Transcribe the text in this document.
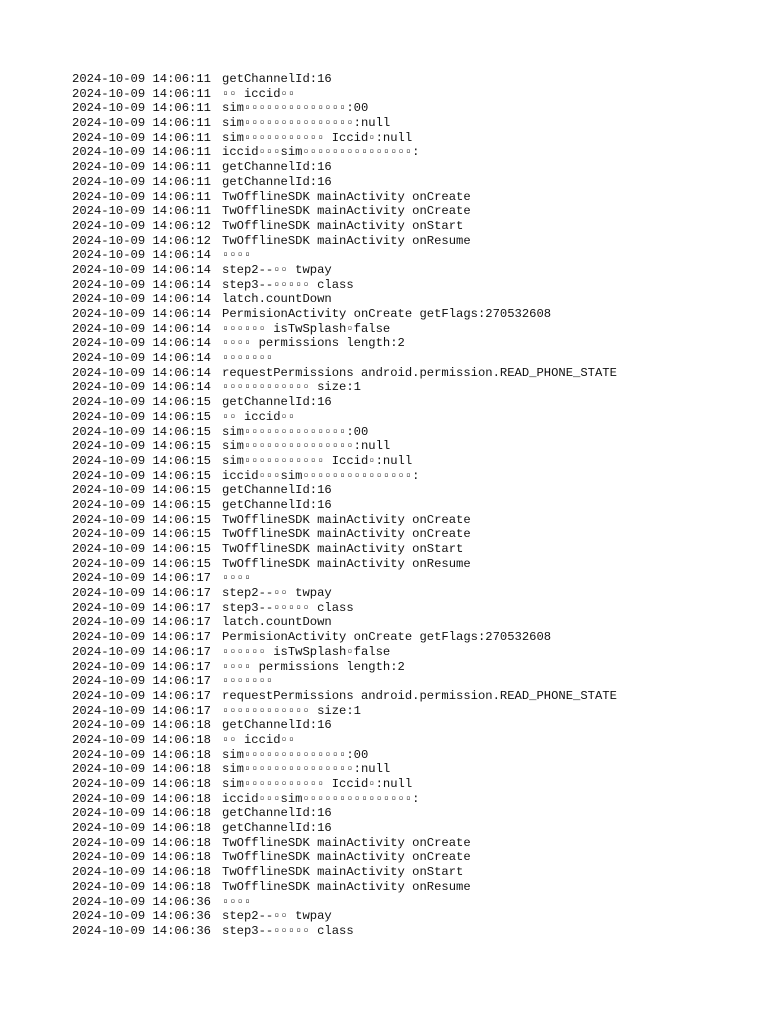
2024-10-09 14:06:11 getChannelId:16
2024-10-09 14:06:11 ▫▫ iccid▫▫
2024-10-09 14:06:11 sim▫▫▫▫▫▫▫▫▫▫▫▫▫▫:00
2024-10-09 14:06:11 sim▫▫▫▫▫▫▫▫▫▫▫▫▫▫▫:null
2024-10-09 14:06:11 sim▫▫▫▫▫▫▫▫▫▫▫ Iccid▫:null
2024-10-09 14:06:11 iccid▫▫▫sim▫▫▫▫▫▫▫▫▫▫▫▫▫▫▫:
2024-10-09 14:06:11 getChannelId:16
2024-10-09 14:06:11 getChannelId:16
2024-10-09 14:06:11 TwOfflineSDK mainActivity onCreate
2024-10-09 14:06:11 TwOfflineSDK mainActivity onCreate
2024-10-09 14:06:12 TwOfflineSDK mainActivity onStart
2024-10-09 14:06:12 TwOfflineSDK mainActivity onResume
2024-10-09 14:06:14 ▫▫▫▫
2024-10-09 14:06:14 step2--▫▫ twpay
2024-10-09 14:06:14 step3--▫▫▫▫▫ class
2024-10-09 14:06:14 latch.countDown
2024-10-09 14:06:14 PermisionActivity onCreate getFlags:270532608
2024-10-09 14:06:14 ▫▫▫▫▫▫ isTwSplash▫false
2024-10-09 14:06:14 ▫▫▫▫ permissions length:2
2024-10-09 14:06:14 ▫▫▫▫▫▫▫
2024-10-09 14:06:14 requestPermissions android.permission.READ_PHONE_STATE
2024-10-09 14:06:14 ▫▫▫▫▫▫▫▫▫▫▫▫ size:1
2024-10-09 14:06:15 getChannelId:16
2024-10-09 14:06:15 ▫▫ iccid▫▫
2024-10-09 14:06:15 sim▫▫▫▫▫▫▫▫▫▫▫▫▫▫:00
2024-10-09 14:06:15 sim▫▫▫▫▫▫▫▫▫▫▫▫▫▫▫:null
2024-10-09 14:06:15 sim▫▫▫▫▫▫▫▫▫▫▫ Iccid▫:null
2024-10-09 14:06:15 iccid▫▫▫sim▫▫▫▫▫▫▫▫▫▫▫▫▫▫▫:
2024-10-09 14:06:15 getChannelId:16
2024-10-09 14:06:15 getChannelId:16
2024-10-09 14:06:15 TwOfflineSDK mainActivity onCreate
2024-10-09 14:06:15 TwOfflineSDK mainActivity onCreate
2024-10-09 14:06:15 TwOfflineSDK mainActivity onStart
2024-10-09 14:06:15 TwOfflineSDK mainActivity onResume
2024-10-09 14:06:17 ▫▫▫▫
2024-10-09 14:06:17 step2--▫▫ twpay
2024-10-09 14:06:17 step3--▫▫▫▫▫ class
2024-10-09 14:06:17 latch.countDown
2024-10-09 14:06:17 PermisionActivity onCreate getFlags:270532608
2024-10-09 14:06:17 ▫▫▫▫▫▫ isTwSplash▫false
2024-10-09 14:06:17 ▫▫▫▫ permissions length:2
2024-10-09 14:06:17 ▫▫▫▫▫▫▫
2024-10-09 14:06:17 requestPermissions android.permission.READ_PHONE_STATE
2024-10-09 14:06:17 ▫▫▫▫▫▫▫▫▫▫▫▫ size:1
2024-10-09 14:06:18 getChannelId:16
2024-10-09 14:06:18 ▫▫ iccid▫▫
2024-10-09 14:06:18 sim▫▫▫▫▫▫▫▫▫▫▫▫▫▫:00
2024-10-09 14:06:18 sim▫▫▫▫▫▫▫▫▫▫▫▫▫▫▫:null
2024-10-09 14:06:18 sim▫▫▫▫▫▫▫▫▫▫▫ Iccid▫:null
2024-10-09 14:06:18 iccid▫▫▫sim▫▫▫▫▫▫▫▫▫▫▫▫▫▫▫:
2024-10-09 14:06:18 getChannelId:16
2024-10-09 14:06:18 getChannelId:16
2024-10-09 14:06:18 TwOfflineSDK mainActivity onCreate
2024-10-09 14:06:18 TwOfflineSDK mainActivity onCreate
2024-10-09 14:06:18 TwOfflineSDK mainActivity onStart
2024-10-09 14:06:18 TwOfflineSDK mainActivity onResume
2024-10-09 14:06:36 ▫▫▫▫
2024-10-09 14:06:36 step2--▫▫ twpay
2024-10-09 14:06:36 step3--▫▫▫▫▫ class
